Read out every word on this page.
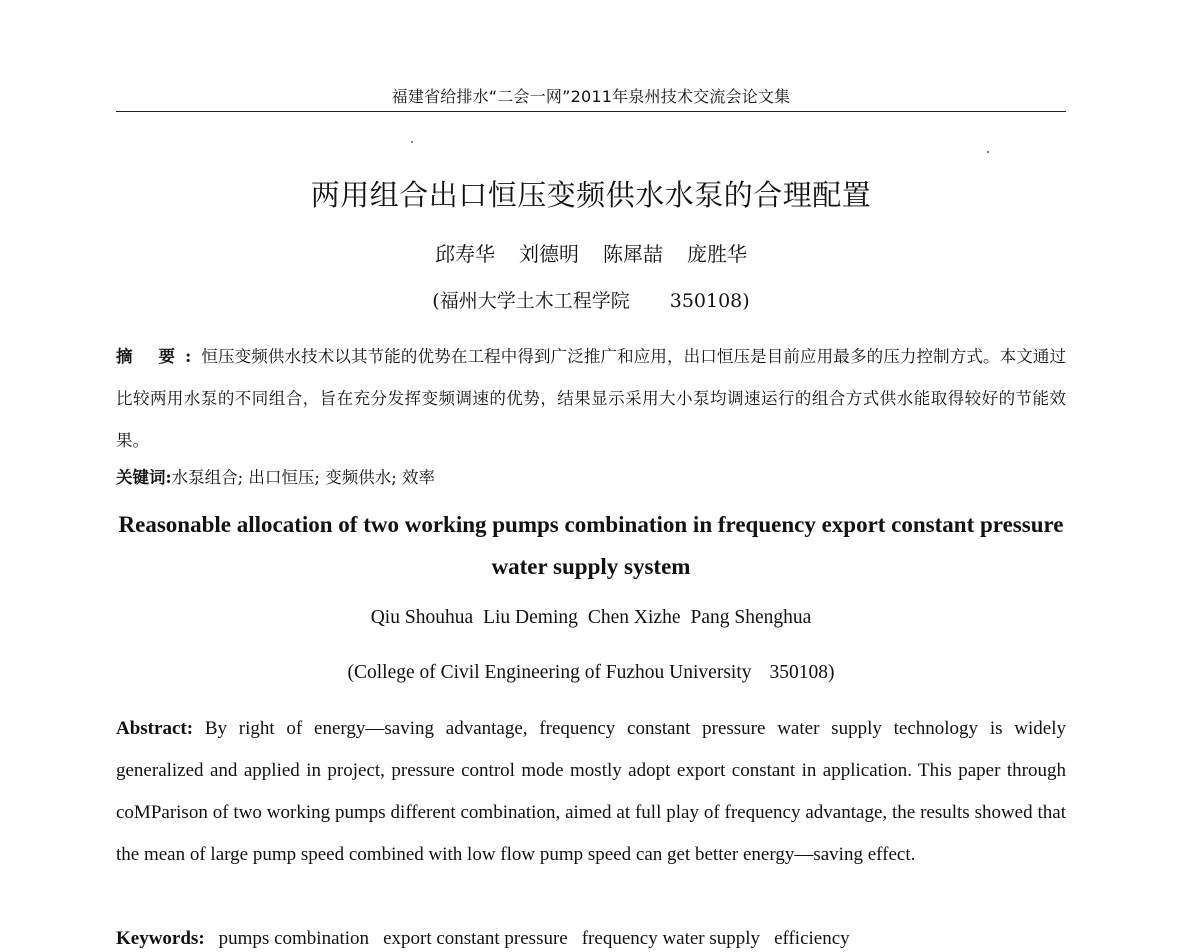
福建省给排水“二会一网”2011年泉州技术交流会论文集
两用组合出口恒压变频供水水泵的合理配置
邱寿华 刘德明 陈犀喆 庞胜华
(福州大学土木工程学院 350108)
摘 要:恒压变频供水技术以其节能的优势在工程中得到广泛推广和应用，出口恒压是目前应用最多的压力控制方式。本文通过比较两用水泵的不同组合，旨在充分发挥变频调速的优势，结果显示采用大小泵均调速运行的组合方式供水能取得较好的节能效果。
关键词:水泵组合; 出口恒压; 变频供水; 效率
Reasonable allocation of two working pumps combination in frequency export constant pressure water supply system
Qiu Shouhua Liu Deming Chen Xizhe Pang Shenghua
(College of Civil Engineering of Fuzhou University 350108)
Abstract: By right of energy—saving advantage, frequency constant pressure water supply technology is widely generalized and applied in project, pressure control mode mostly adopt export constant in application. This paper through coMParison of two working pumps different combination, aimed at full play of frequency advantage, the results showed that the mean of large pump speed combined with low flow pump speed can get better energy—saving effect.
Keywords: pumps combination export constant pressure frequency water supply efficiency
